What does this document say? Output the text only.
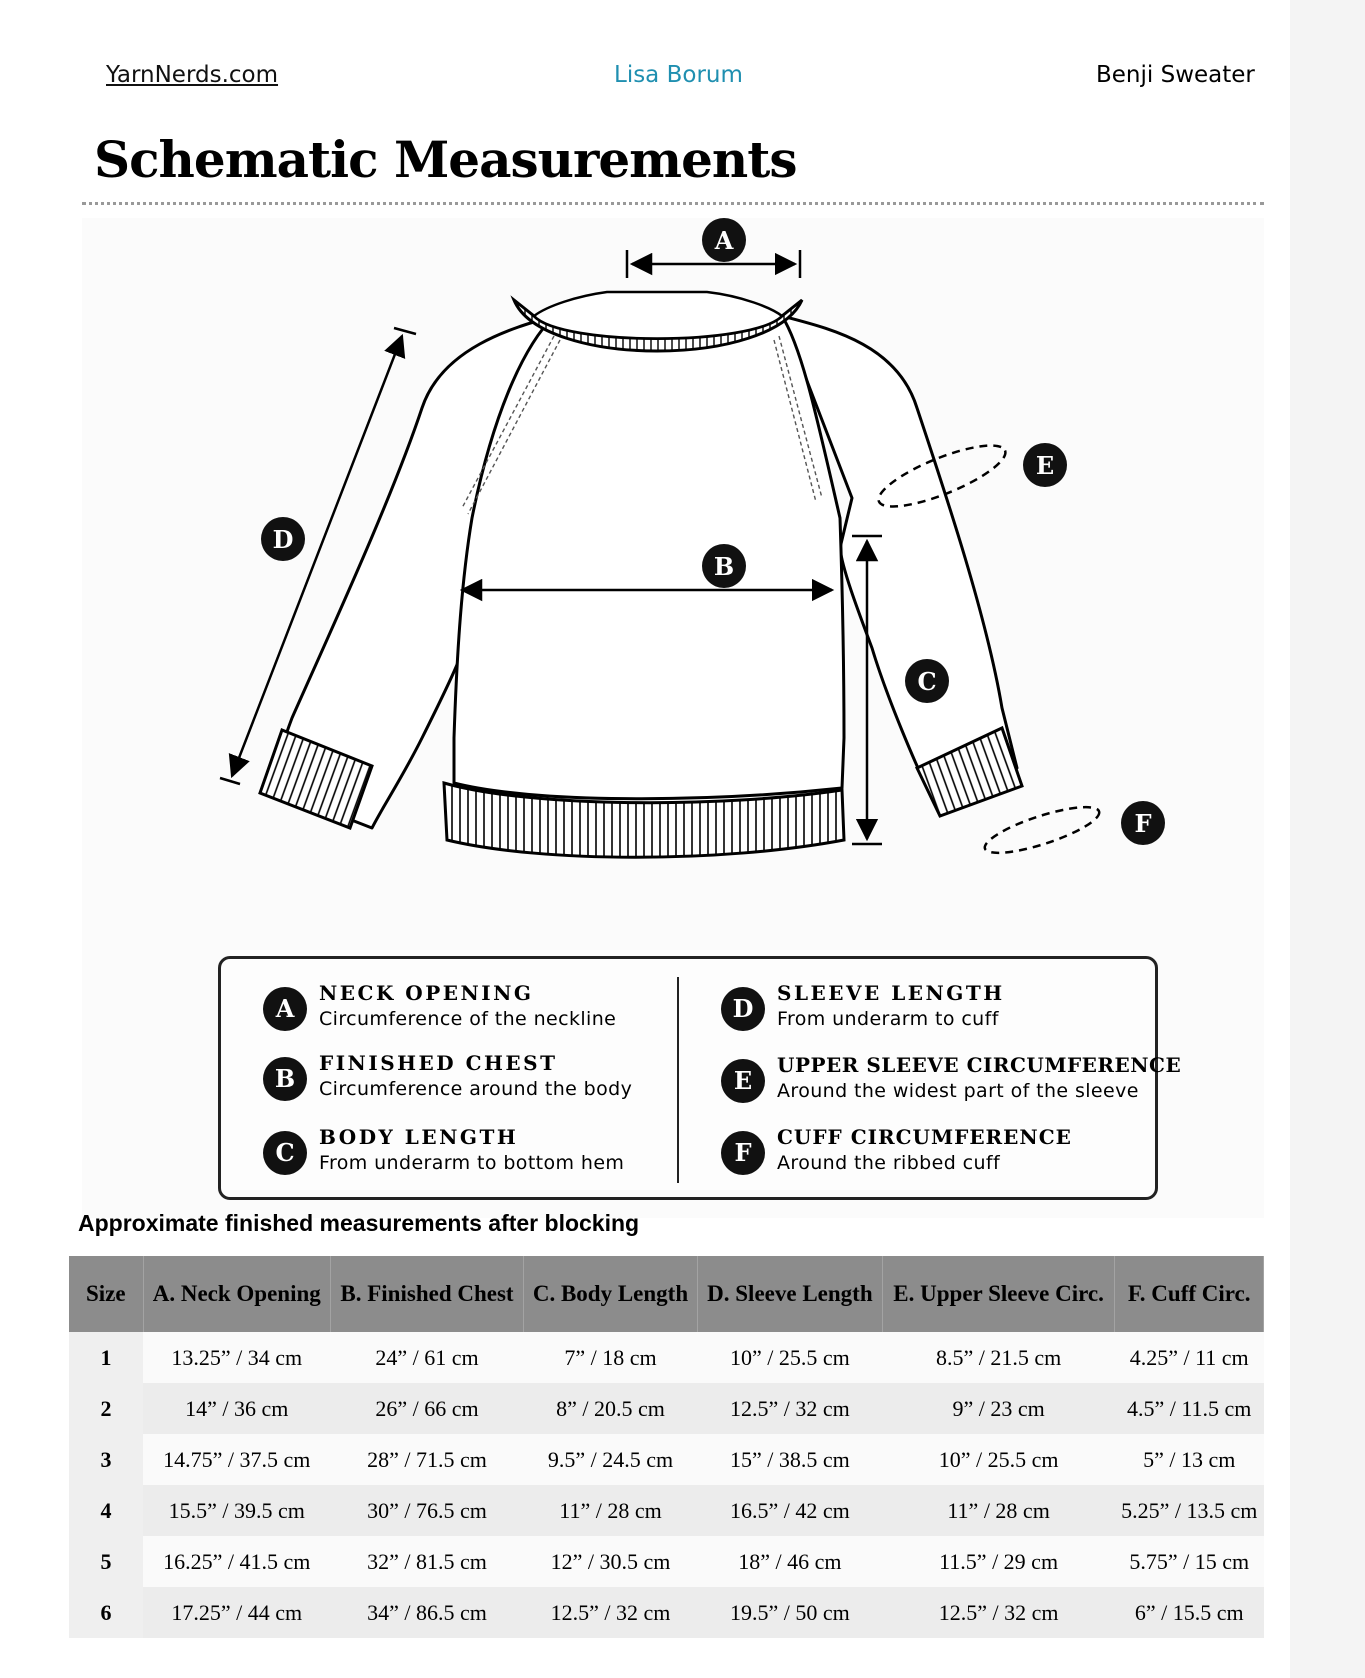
YarnNerds.com	Lisa Borum	Benji Sweater
Schematic Measurements
A
B
C
D
E
F
A
NECK OPENING
Circumference of the neckline
B
FINISHED CHEST
Circumference around the body
C
BODY LENGTH
From underarm to bottom hem
D
SLEEVE LENGTH
From underarm to cuff
E
UPPER SLEEVE CIRCUMFERENCE
Around the widest part of the sleeve
F
CUFF CIRCUMFERENCE
Around the ribbed cuff
Approximate finished measurements after blocking
Size	A. Neck Opening	B. Finished Chest	C. Body Length	D. Sleeve Length	E. Upper Sleeve Circ.	F. Cuff Circ.
1	13.25” / 34 cm	24” / 61 cm	7” / 18 cm	10” / 25.5 cm	8.5” / 21.5 cm	4.25” / 11 cm
2	14” / 36 cm	26” / 66 cm	8” / 20.5 cm	12.5” / 32 cm	9” / 23 cm	4.5” / 11.5 cm
3	14.75” / 37.5 cm	28” / 71.5 cm	9.5” / 24.5 cm	15” / 38.5 cm	10” / 25.5 cm	5” / 13 cm
4	15.5” / 39.5 cm	30” / 76.5 cm	11” / 28 cm	16.5” / 42 cm	11” / 28 cm	5.25” / 13.5 cm
5	16.25” / 41.5 cm	32” / 81.5 cm	12” / 30.5 cm	18” / 46 cm	11.5” / 29 cm	5.75” / 15 cm
6	17.25” / 44 cm	34” / 86.5 cm	12.5” / 32 cm	19.5” / 50 cm	12.5” / 32 cm	6” / 15.5 cm
